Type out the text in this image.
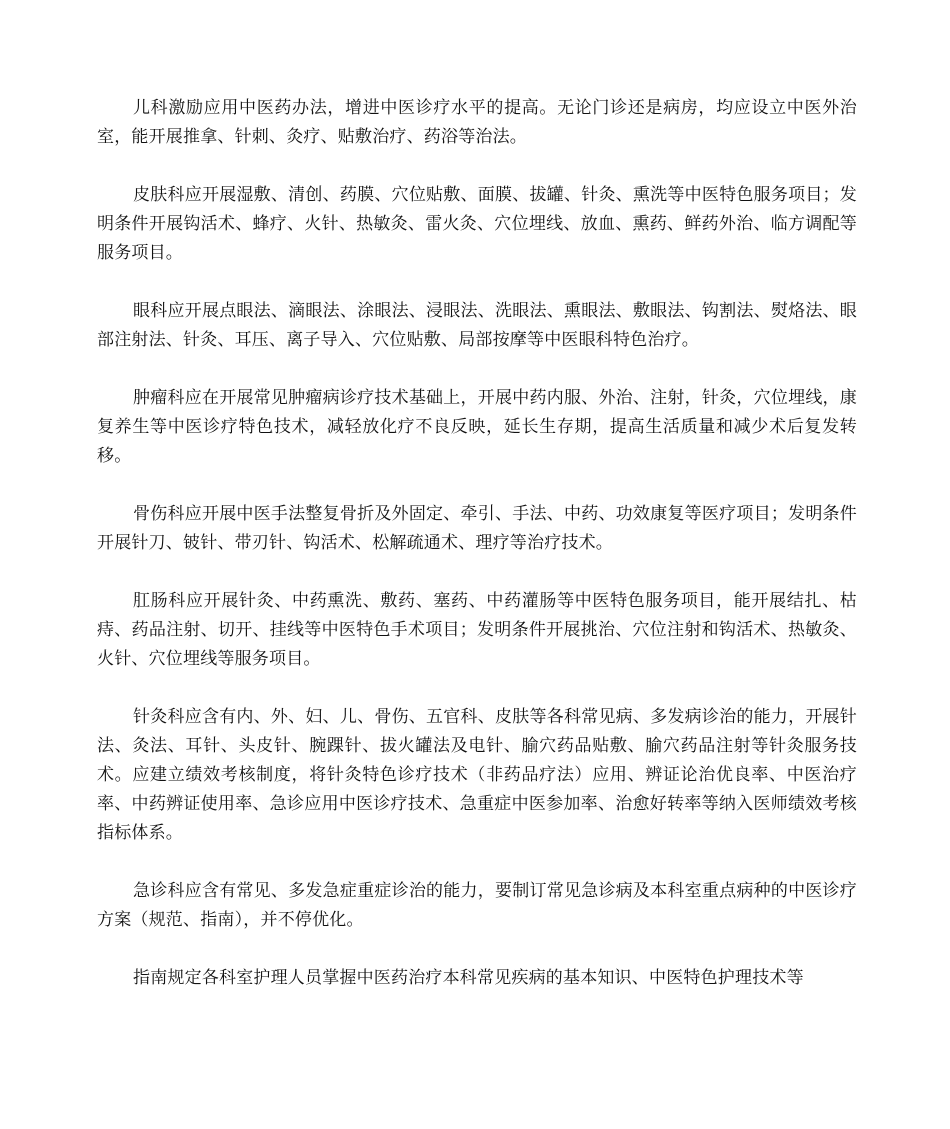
儿科激励应用中医药办法，增进中医诊疗水平的提高。无论门诊还是病房，均应设立中医外治室，能开展推拿、针刺、灸疗、贴敷治疗、药浴等治法。

皮肤科应开展湿敷、清创、药膜、穴位贴敷、面膜、拔罐、针灸、熏洗等中医特色服务项目；发明条件开展钩活术、蜂疗、火针、热敏灸、雷火灸、穴位埋线、放血、熏药、鲜药外治、临方调配等服务项目。

眼科应开展点眼法、滴眼法、涂眼法、浸眼法、洗眼法、熏眼法、敷眼法、钩割法、熨烙法、眼部注射法、针灸、耳压、离子导入、穴位贴敷、局部按摩等中医眼科特色治疗。

肿瘤科应在开展常见肿瘤病诊疗技术基础上，开展中药内服、外治、注射，针灸，穴位埋线，康复养生等中医诊疗特色技术，减轻放化疗不良反映，延长生存期，提高生活质量和减少术后复发转移。

骨伤科应开展中医手法整复骨折及外固定、牵引、手法、中药、功效康复等医疗项目；发明条件开展针刀、铍针、带刃针、钩活术、松解疏通术、理疗等治疗技术。

肛肠科应开展针灸、中药熏洗、敷药、塞药、中药灌肠等中医特色服务项目，能开展结扎、枯痔、药品注射、切开、挂线等中医特色手术项目；发明条件开展挑治、穴位注射和钩活术、热敏灸、火针、穴位埋线等服务项目。

针灸科应含有内、外、妇、儿、骨伤、五官科、皮肤等各科常见病、多发病诊治的能力，开展针法、灸法、耳针、头皮针、腕踝针、拔火罐法及电针、腧穴药品贴敷、腧穴药品注射等针灸服务技术。应建立绩效考核制度，将针灸特色诊疗技术（非药品疗法）应用、辨证论治优良率、中医治疗率、中药辨证使用率、急诊应用中医诊疗技术、急重症中医参加率、治愈好转率等纳入医师绩效考核指标体系。

急诊科应含有常见、多发急症重症诊治的能力，要制订常见急诊病及本科室重点病种的中医诊疗方案（规范、指南），并不停优化。

指南规定各科室护理人员掌握中医药治疗本科常见疾病的基本知识、中医特色护理技术等
